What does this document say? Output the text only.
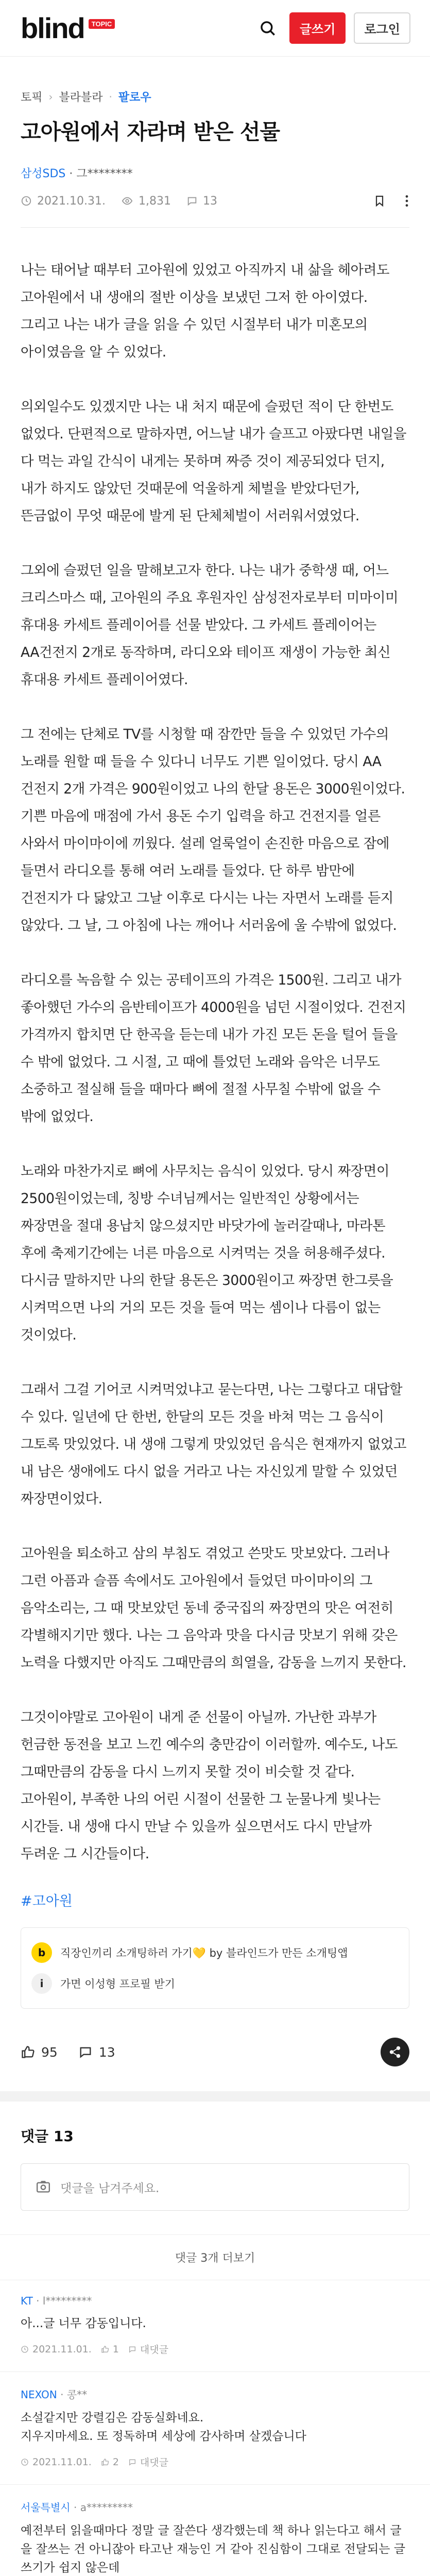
blind	TOPIC	글쓰기	로그인
토픽 › 블라블라 · 팔로우
고아원에서 자라며 받은 선물
삼성SDS · 그********
2021.10.31.	1,831	13

나는 태어날 때부터 고아원에 있었고 아직까지 내 삶을 헤아려도 고아원에서 내 생애의 절반 이상을 보냈던 그저 한 아이였다. 그리고 나는 내가 글을 읽을 수 있던 시절부터 내가 미혼모의 아이였음을 알 수 있었다.

의외일수도 있겠지만 나는 내 처지 때문에 슬펐던 적이 단 한번도 없었다. 단편적으로 말하자면, 어느날 내가 슬프고 아팠다면 내일을 다 먹는 과일 간식이 내게는 못하며 짜증 것이 제공되었다 던지, 내가 하지도 않았던 것때문에 억울하게 체벌을 받았다던가, 뜬금없이 무엇 때문에 발게 된 단체체벌이 서러워서였었다.

그외에 슬펐던 일을 말해보고자 한다. 나는 내가 중학생 때, 어느 크리스마스 때, 고아원의 주요 후원자인 삼성전자로부터 미마이미 휴대용 카세트 플레이어를 선물 받았다. 그 카세트 플레이어는 AA건전지 2개로 동작하며, 라디오와 테이프 재생이 가능한 최신 휴대용 카세트 플레이어였다.

그 전에는 단체로 TV를 시청할 때 잠깐만 들을 수 있었던 가수의 노래를 원할 때 들을 수 있다니 너무도 기쁜 일이었다. 당시 AA 건전지 2개 가격은 900원이었고 나의 한달 용돈은 3000원이었다. 기쁜 마음에 매점에 가서 용돈 수기 입력을 하고 건전지를 얼른 사와서 마이마이에 끼웠다. 설레 얼룩얼이 손진한 마음으로 잠에 들면서 라디오를 통해 여러 노래를 들었다. 단 하루 밤만에 건전지가 다 닳았고 그날 이후로 다시는 나는 자면서 노래를 듣지 않았다. 그 날, 그 아침에 나는 깨어나 서러움에 울 수밖에 없었다.

라디오를 녹음할 수 있는 공테이프의 가격은 1500원. 그리고 내가 좋아했던 가수의 음반테이프가 4000원을 넘던 시절이었다. 건전지 가격까지 합치면 단 한곡을 듣는데 내가 가진 모든 돈을 털어 들을 수 밖에 없었다. 그 시절, 고 때에 틀었던 노래와 음악은 너무도 소중하고 절실해 들을 때마다 뼈에 절절 사무칠 수밖에 없을 수 밖에 없었다.

노래와 마찬가지로 뼈에 사무치는 음식이 있었다. 당시 짜장면이 2500원이었는데, 칭방 수녀님께서는 일반적인 상황에서는 짜장면을 절대 용납치 않으셨지만 바닷가에 놀러갈때나, 마라톤 후에 축제기간에는 너른 마음으로 시켜먹는 것을 허용해주셨다. 다시금 말하지만 나의 한달 용돈은 3000원이고 짜장면 한그릇을 시켜먹으면 나의 거의 모든 것을 들여 먹는 셈이나 다름이 없는 것이었다.

그래서 그걸 기어코 시켜먹었냐고 묻는다면, 나는 그렇다고 대답할 수 있다. 일년에 단 한번, 한달의 모든 것을 바쳐 먹는 그 음식이 그토록 맛있었다. 내 생애 그렇게 맛있었던 음식은 현재까지 없었고 내 남은 생애에도 다시 없을 거라고 나는 자신있게 말할 수 있었던 짜장면이었다.

고아원을 퇴소하고 삼의 부침도 겪었고 쓴맛도 맛보았다. 그러나 그런 아픔과 슬픔 속에서도 고아원에서 들었던 마이마이의 그 음악소리는, 그 때 맛보았던 동네 중국집의 짜장면의 맛은 여전히 각별해지기만 했다. 나는 그 음악과 맛을 다시금 맛보기 위해 갖은 노력을 다했지만 아직도 그때만큼의 희열을, 감동을 느끼지 못한다.

그것이야말로 고아원이 내게 준 선물이 아닐까. 가난한 과부가 헌금한 동전을 보고 느낀 예수의 충만감이 이러할까. 예수도, 나도 그때만큼의 감동을 다시 느끼지 못할 것이 비슷할 것 같다. 고아원이, 부족한 나의 어린 시절이 선물한 그 눈물나게 빛나는 시간들. 내 생애 다시 만날 수 있을까 싶으면서도 다시 만날까 두려운 그 시간들이다.

#고아원
b	직장인끼리 소개팅하러 가기💛 by 블라인드가 만든 소개팅앱
i	가면 이성형 프로필 받기
95	13
댓글 13
댓글을 남겨주세요.
댓글 3개 더보기
KT · l*********
아...글 너무 감동입니다.
2021.11.01. 1 대댓글
NEXON · 콩**
소설같지만 강렬김은 감동실화네요.
지우지마세요. 또 정독하며 세상에 감사하며 살겠습니다
2021.11.01. 2 대댓글
서울특별시 · a*********
예전부터 읽을때마다 정말 글 잘쓴다 생각했는데 책 하나 읽는다고 해서 글을 잘쓰는 건 아니잖아 타고난 재능인 거 같아 진심함이 그대로 전달되는 글쓰기가 쉽지 않은데
